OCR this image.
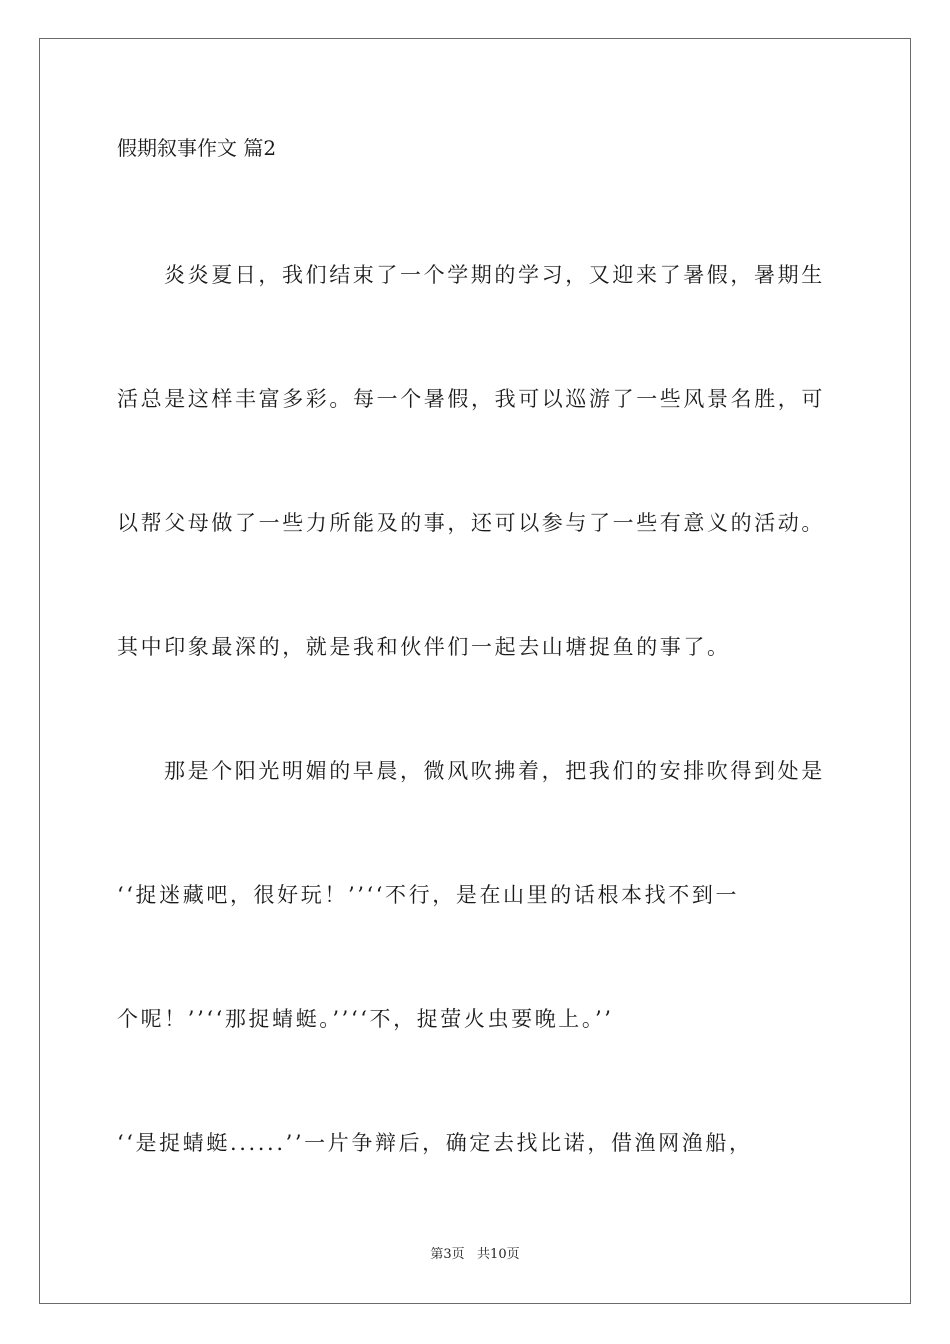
假期叙事作文 篇2
炎炎夏日，我们结束了一个学期的学习，又迎来了暑假，暑期生
活总是这样丰富多彩。每一个暑假，我可以巡游了一些风景名胜，可
以帮父母做了一些力所能及的事，还可以参与了一些有意义的活动。
其中印象最深的，就是我和伙伴们一起去山塘捉鱼的事了。
那是个阳光明媚的早晨，微风吹拂着，把我们的安排吹得到处是
‘‘捉迷藏吧，很好玩！’’‘‘不行，是在山里的话根本找不到一
个呢！’’‘‘那捉蜻蜓。’’‘‘不，捉萤火虫要晚上。’’
‘‘是捉蜻蜓......’’一片争辩后，确定去找比诺，借渔网渔船，
第3页   共10页
